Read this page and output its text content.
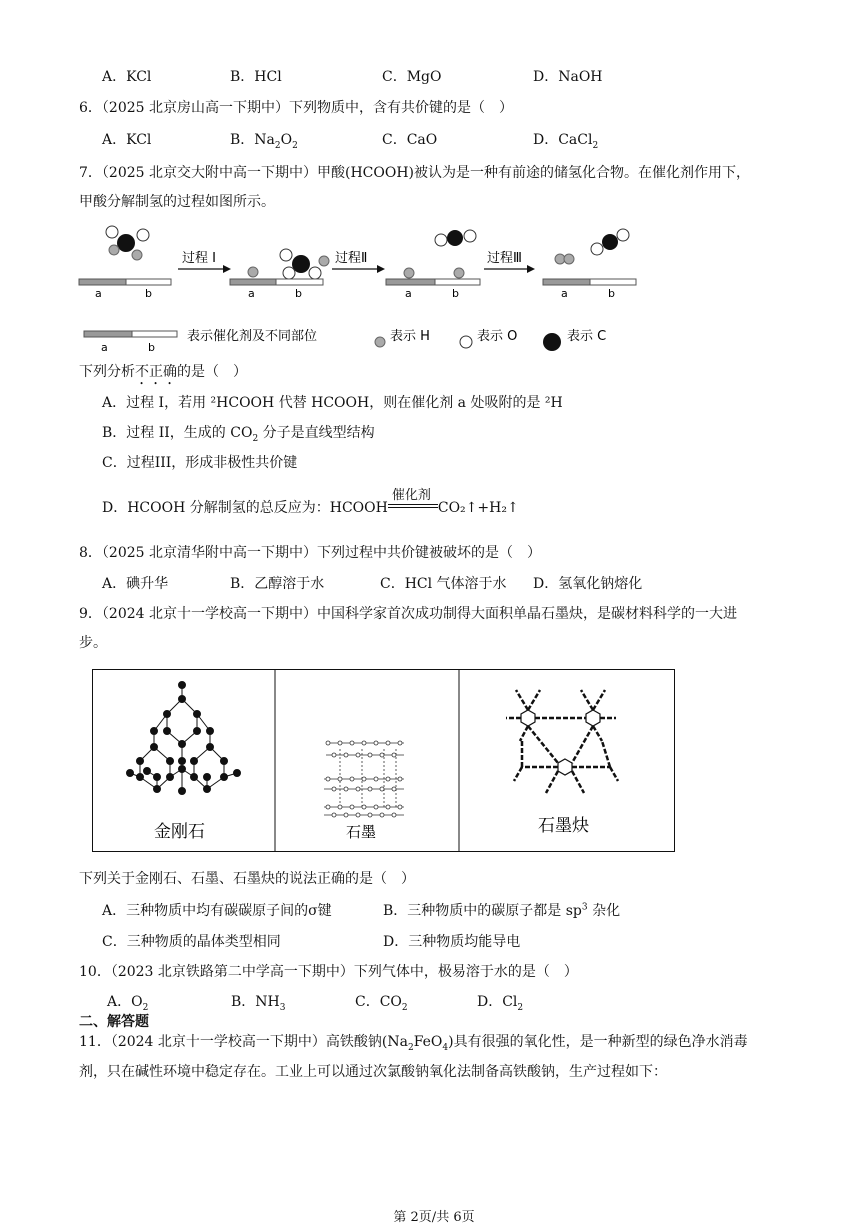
A．KCl	B．HCl	C．MgO	D．NaOH
6．（2025 北京房山高一下期中）下列物质中，含有共价键的是（　）
A．KCl	B．$Na_2O_2$	C．CaO	D．CaCl$_2$
7．（2025 北京交大附中高一下期中）甲酸(HCOOH)被认为是一种有前途的储氢化合物。在催化剂作用下，
甲酸分解制氢的过程如图所示。
a	b
过程 I
a	b
过程Ⅱ
a	b
过程Ⅲ
a	b
a	b
表示催化剂及不同部位	表示 H	表示 O	表示 C
下列分析不正确的是（　）
A．过程 I，若用 ²HCOOH 代替 HCOOH，则在催化剂 a 处吸附的是 ²H
B．过程 II，生成的 $CO_2$ 分子是直线型结构
C．过程III，形成非极性共价键
D．HCOOH 分解制氢的总反应为：HCOOH
催化剂
CO₂↑+H₂↑
8．（2025 北京清华附中高一下期中）下列过程中共价键被破坏的是（　）
A．碘升华	B．乙醇溶于水	C．HCl 气体溶于水 D．氢氧化钠熔化
9．（2024 北京十一学校高一下期中）中国科学家首次成功制得大面积单晶石墨炔，是碳材料科学的一大进
步。
金刚石	石墨	石墨炔
下列关于金刚石、石墨、石墨炔的说法正确的是（　）
A．三种物质中均有碳碳原子间的σ键	B．三种物质中的碳原子都是 $sp^3$ 杂化
C．三种物质的晶体类型相同	D．三种物质均能导电
10．（2023 北京铁路第二中学高一下期中）下列气体中，极易溶于水的是（　）
A．$O_2$	B．$NH_3$	C．$CO_2$	D．$Cl_2$
二、解答题
11．（2024 北京十一学校高一下期中）高铁酸钠$(Na_2FeO_4)$具有很强的氧化性，是一种新型的绿色净水消毒
剂，只在碱性环境中稳定存在。工业上可以通过次氯酸钠氧化法制备高铁酸钠，生产过程如下：
第 2页/共 6页
